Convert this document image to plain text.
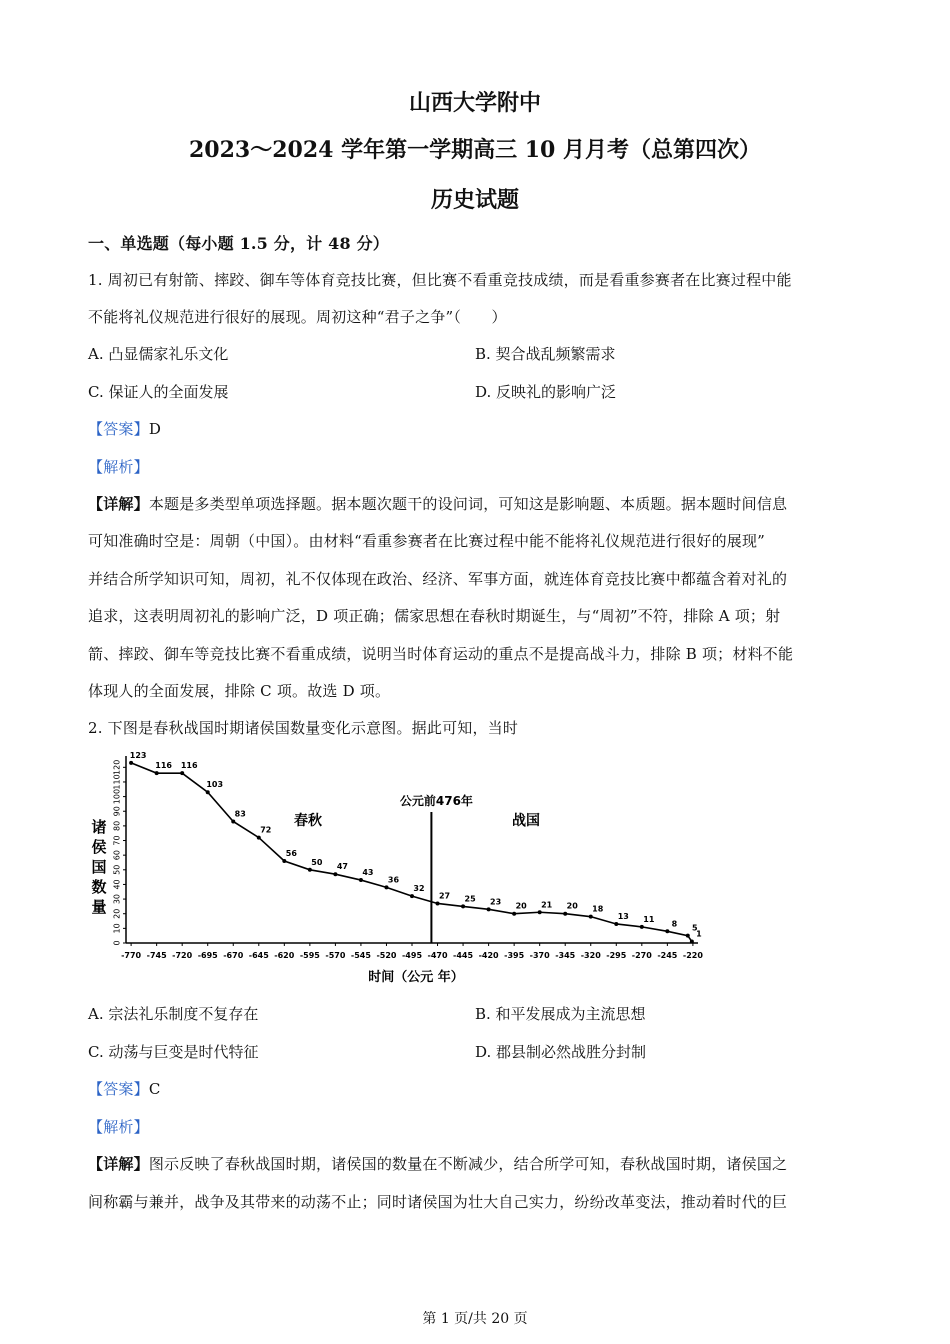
山西大学附中
2023～2024 学年第一学期高三 10 月月考（总第四次）
历史试题
一、单选题（每小题 1.5 分，计 48 分）
1. 周初已有射箭、摔跤、御车等体育竞技比赛，但比赛不看重竞技成绩，而是看重参赛者在比赛过程中能
不能将礼仪规范进行很好的展现。周初这种“君子之争”（　　）
A. 凸显儒家礼乐文化	B. 契合战乱频繁需求
C. 保证人的全面发展	D. 反映礼的影响广泛
【答案】D
【解析】
【详解】本题是多类型单项选择题。据本题次题干的设问词，可知这是影响题、本质题。据本题时间信息
可知准确时空是：周朝（中国）。由材料“看重参赛者在比赛过程中能不能将礼仪规范进行很好的展现”
并结合所学知识可知，周初，礼不仅体现在政治、经济、军事方面，就连体育竞技比赛中都蕴含着对礼的
追求，这表明周初礼的影响广泛，D 项正确；儒家思想在春秋时期诞生，与“周初”不符，排除 A 项；射
箭、摔跤、御车等竞技比赛不看重成绩，说明当时体育运动的重点不是提高战斗力，排除 B 项；材料不能
体现人的全面发展，排除 C 项。故选 D 项。
2. 下图是春秋战国时期诸侯国数量变化示意图。据此可知，当时
0
10
20
30
40
50
60
70
80
90
100
110
120
-770 -745 -720 -695 -670 -645 -620 -595 -570 -545 -520 -495 -470 -445 -420 -395 -370 -345 -320 -295 -270 -245 -220
诸
侯
国
数
量
时间（公元 年）
公元前476年
春秋	战国
123
116 116
103
83
72
56
50 47
43
36
32
27 25 23 20 21 20 18
13 11 8 5
1
A. 宗法礼乐制度不复存在	B. 和平发展成为主流思想
C. 动荡与巨变是时代特征	D. 郡县制必然战胜分封制
【答案】C
【解析】
【详解】图示反映了春秋战国时期，诸侯国的数量在不断减少，结合所学可知，春秋战国时期，诸侯国之
间称霸与兼并，战争及其带来的动荡不止；同时诸侯国为壮大自己实力，纷纷改革变法，推动着时代的巨
第 1 页/共 20 页
